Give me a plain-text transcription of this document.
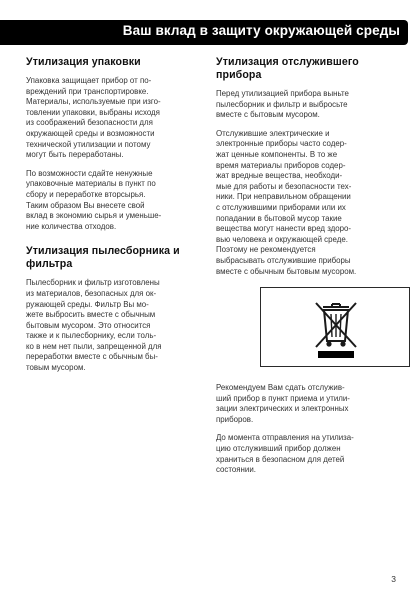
Ваш вклад в защиту окружающей среды
Утилизация упаковки

Упаковка защищает прибор от по-
вреждений при транспортировке.
Материалы, используемые при изго-
товлении упаковки, выбраны исходя
из соображений безопасности для
окружающей среды и возможности
технической утилизации и потому
могут быть переработаны.

По возможности сдайте ненужные
упаковочные материалы в пункт по
сбору и переработке вторсырья.
Таким образом Вы внесете свой
вклад в экономию сырья и уменьше-
ние количества отходов.

Утилизация пылесборника и
фильтра

Пылесборник и фильтр изготовлены
из материалов, безопасных для ок-
ружающей среды. Фильтр Вы мо-
жете выбросить вместе с обычным
бытовым мусором. Это относится
также и к пылесборнику, если толь-
ко в нем нет пыли, запрещенной для
переработки вместе с обычным бы-
товым мусором.

Утилизация отслужившего
прибора

Перед утилизацией прибора выньте
пылесборник и фильтр и выбросьте
вместе с бытовым мусором.

Отслужившие электрические и
электронные приборы часто содер-
жат ценные компоненты. В то же
время материалы приборов содер-
жат вредные вещества, необходи-
мые для работы и безопасности тех-
ники. При неправильном обращении
с отслужившими приборами или их
попадании в бытовой мусор такие
вещества могут нанести вред здоро-
вью человека и окружающей среде.
Поэтому не рекомендуется
выбрасывать отслужившие приборы
вместе с обычным бытовым мусором.

Рекомендуем Вам сдать отслужив-
ший прибор в пункт приема и утили-
зации электрических и электронных
приборов.

До момента отправления на утилиза-
цию отслуживший прибор должен
храниться в безопасном для детей
состоянии.

3
